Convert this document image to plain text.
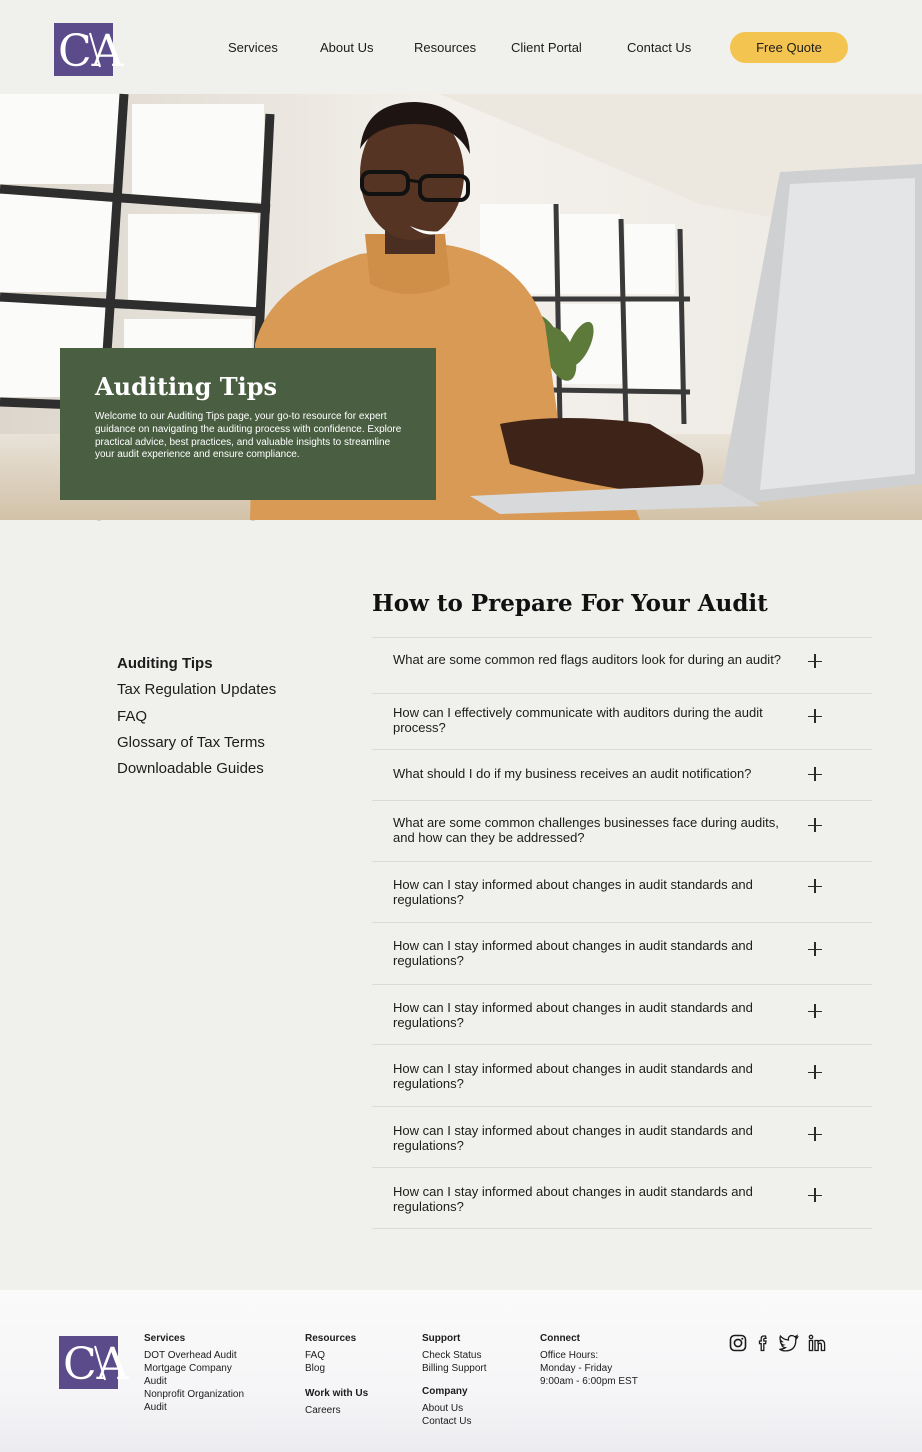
CA	Services	About Us	Resources	Client Portal	Contact Us	Free Quote
Auditing Tips
Welcome to our Auditing Tips page, your go-to resource for expert guidance on navigating the auditing process with confidence. Explore practical advice, best practices, and valuable insights to streamline your audit experience and ensure compliance.
Auditing Tips
Tax Regulation Updates
FAQ
Glossary of Tax Terms
Downloadable Guides
How to Prepare For Your Audit
What are some common red flags auditors look for during an audit?
How can I effectively communicate with auditors during the audit process?
What should I do if my business receives an audit notification?
What are some common challenges businesses face during audits, and how can they be addressed?
How can I stay informed about changes in audit standards and regulations?
How can I stay informed about changes in audit standards and regulations?
How can I stay informed about changes in audit standards and regulations?
How can I stay informed about changes in audit standards and regulations?
How can I stay informed about changes in audit standards and regulations?
How can I stay informed about changes in audit standards and regulations?
CA
Services
DOT Overhead Audit
Mortgage Company Audit
Nonprofit Organization Audit
Resources
FAQ
Blog
Work with Us
Careers
Support
Check Status
Billing Support
Company
About Us
Contact Us
Connect
Office Hours:
Monday - Friday
9:00am - 6:00pm EST
